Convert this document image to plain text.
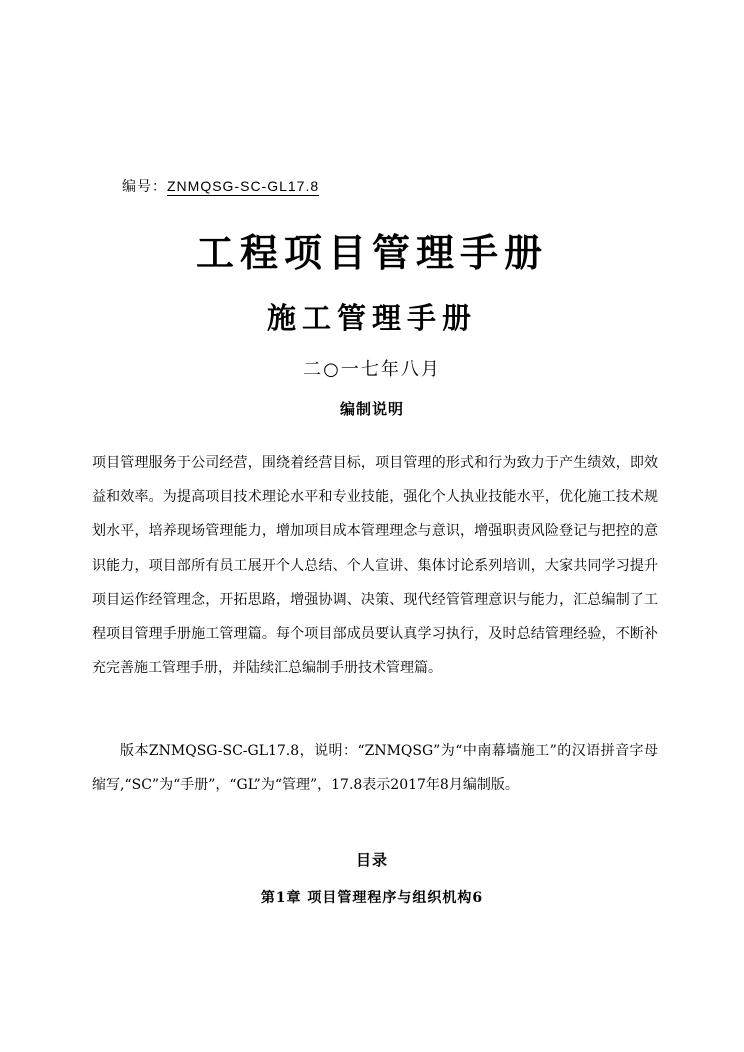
编号：ZNMQSG-SC-GL17.8
工程项目管理手册
施工管理手册
二○一七年八月
编制说明
项目管理服务于公司经营，围绕着经营目标，项目管理的形式和行为致力于产生绩效，即效益和效率。为提高项目技术理论水平和专业技能，强化个人执业技能水平，优化施工技术规划水平，培养现场管理能力，增加项目成本管理理念与意识，增强职责风险登记与把控的意识能力，项目部所有员工展开个人总结、个人宣讲、集体讨论系列培训，大家共同学习提升项目运作经管理念，开拓思路，增强协调、决策、现代经管管理意识与能力，汇总编制了工程项目管理手册施工管理篇。每个项目部成员要认真学习执行，及时总结管理经验，不断补充完善施工管理手册，并陆续汇总编制手册技术管理篇。
版本ZNMQSG-SC-GL17.8，说明：“ZNMQSG”为“中南幕墙施工”的汉语拼音字母缩写,“SC”为“手册”，“GL”为“管理”，17.8表示2017年8月编制版。
目录
第1章 项目管理程序与组织机构6
